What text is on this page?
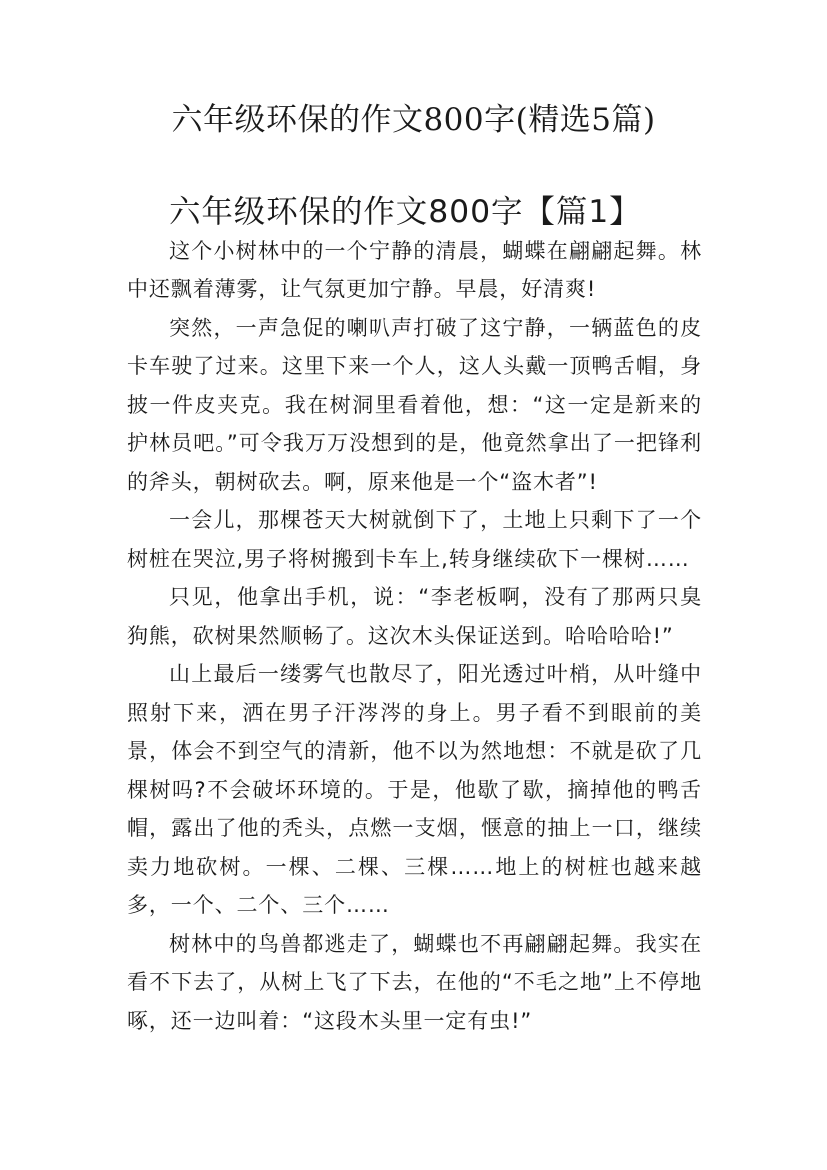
六年级环保的作文800字(精选5篇)
六年级环保的作文800字【篇1】

这个小树林中的一个宁静的清晨，蝴蝶在翩翩起舞。林中还飘着薄雾，让气氛更加宁静。早晨，好清爽!

突然，一声急促的喇叭声打破了这宁静，一辆蓝色的皮卡车驶了过来。这里下来一个人，这人头戴一顶鸭舌帽，身披一件皮夹克。我在树洞里看着他，想：“这一定是新来的护林员吧。”可令我万万没想到的是，他竟然拿出了一把锋利的斧头，朝树砍去。啊，原来他是一个“盗木者”!

一会儿，那棵苍天大树就倒下了，土地上只剩下了一个树桩在哭泣,男子将树搬到卡车上,转身继续砍下一棵树……

只见，他拿出手机，说：“李老板啊，没有了那两只臭狗熊，砍树果然顺畅了。这次木头保证送到。哈哈哈哈!”

山上最后一缕雾气也散尽了，阳光透过叶梢，从叶缝中照射下来，洒在男子汗涔涔的身上。男子看不到眼前的美景，体会不到空气的清新，他不以为然地想：不就是砍了几棵树吗?不会破坏环境的。于是，他歇了歇，摘掉他的鸭舌帽，露出了他的秃头，点燃一支烟，惬意的抽上一口，继续卖力地砍树。一棵、二棵、三棵……地上的树桩也越来越多，一个、二个、三个……

树林中的鸟兽都逃走了，蝴蝶也不再翩翩起舞。我实在看不下去了，从树上飞了下去，在他的“不毛之地”上不停地啄，还一边叫着：“这段木头里一定有虫!”
